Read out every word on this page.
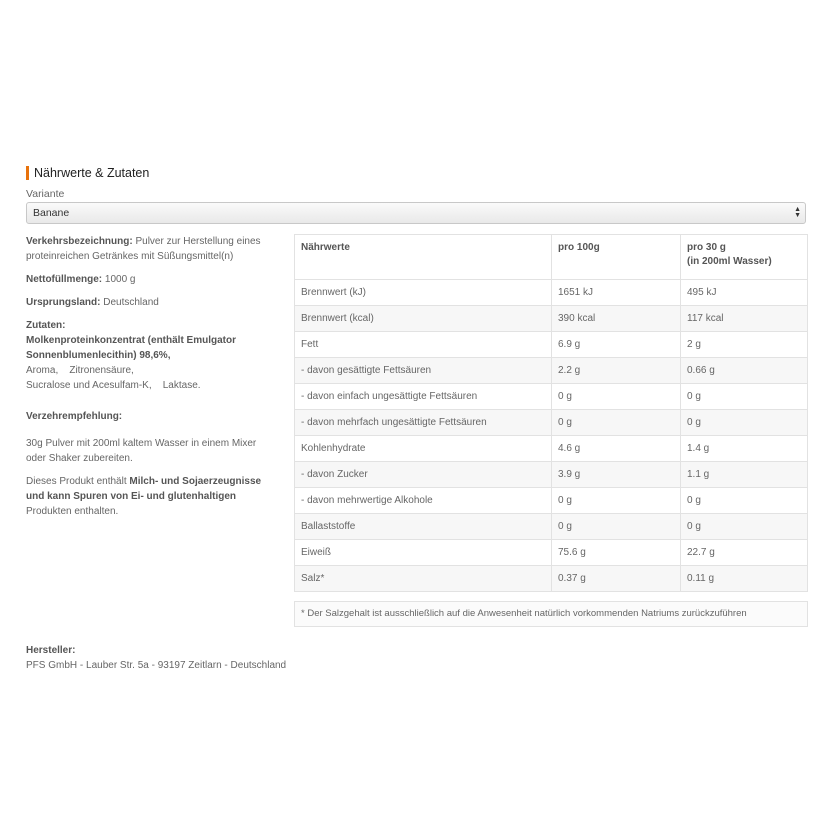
Nährwerte & Zutaten
Variante
Banane	▲
▼

Verkehrsbezeichnung: Pulver zur Herstellung eines proteinreichen Getränkes mit Süßungsmittel(n)

Nettofüllmenge: 1000 g

Ursprungsland: Deutschland

Zutaten:
Molkenproteinkonzentrat (enthält Emulgator Sonnenblumenlecithin) 98,6%,
Aroma,    Zitronensäure,
Sucralose und Acesulfam-K,    Laktase.

Verzehrempfehlung:

30g Pulver mit 200ml kaltem Wasser in einem Mixer oder Shaker zubereiten.

Dieses Produkt enthält Milch- und Sojaerzeugnisse und kann Spuren von Ei- und glutenhaltigen Produkten enthalten.

Nährwerte	pro 100g	pro 30 g
(in 200ml Wasser)
Brennwert (kJ)	1651 kJ	495 kJ
Brennwert (kcal)	390 kcal	117 kcal
Fett	6.9 g	2 g
- davon gesättigte Fettsäuren	2.2 g	0.66 g
- davon einfach ungesättigte Fettsäuren	0 g	0 g
- davon mehrfach ungesättigte Fettsäuren	0 g	0 g
Kohlenhydrate	4.6 g	1.4 g
- davon Zucker	3.9 g	1.1 g
- davon mehrwertige Alkohole	0 g	0 g
Ballaststoffe	0 g	0 g
Eiweiß	75.6 g	22.7 g
Salz*	0.37 g	0.11 g
* Der Salzgehalt ist ausschließlich auf die Anwesenheit natürlich vorkommenden Natriums zurückzuführen
Hersteller:
PFS GmbH - Lauber Str. 5a - 93197 Zeitlarn - Deutschland
